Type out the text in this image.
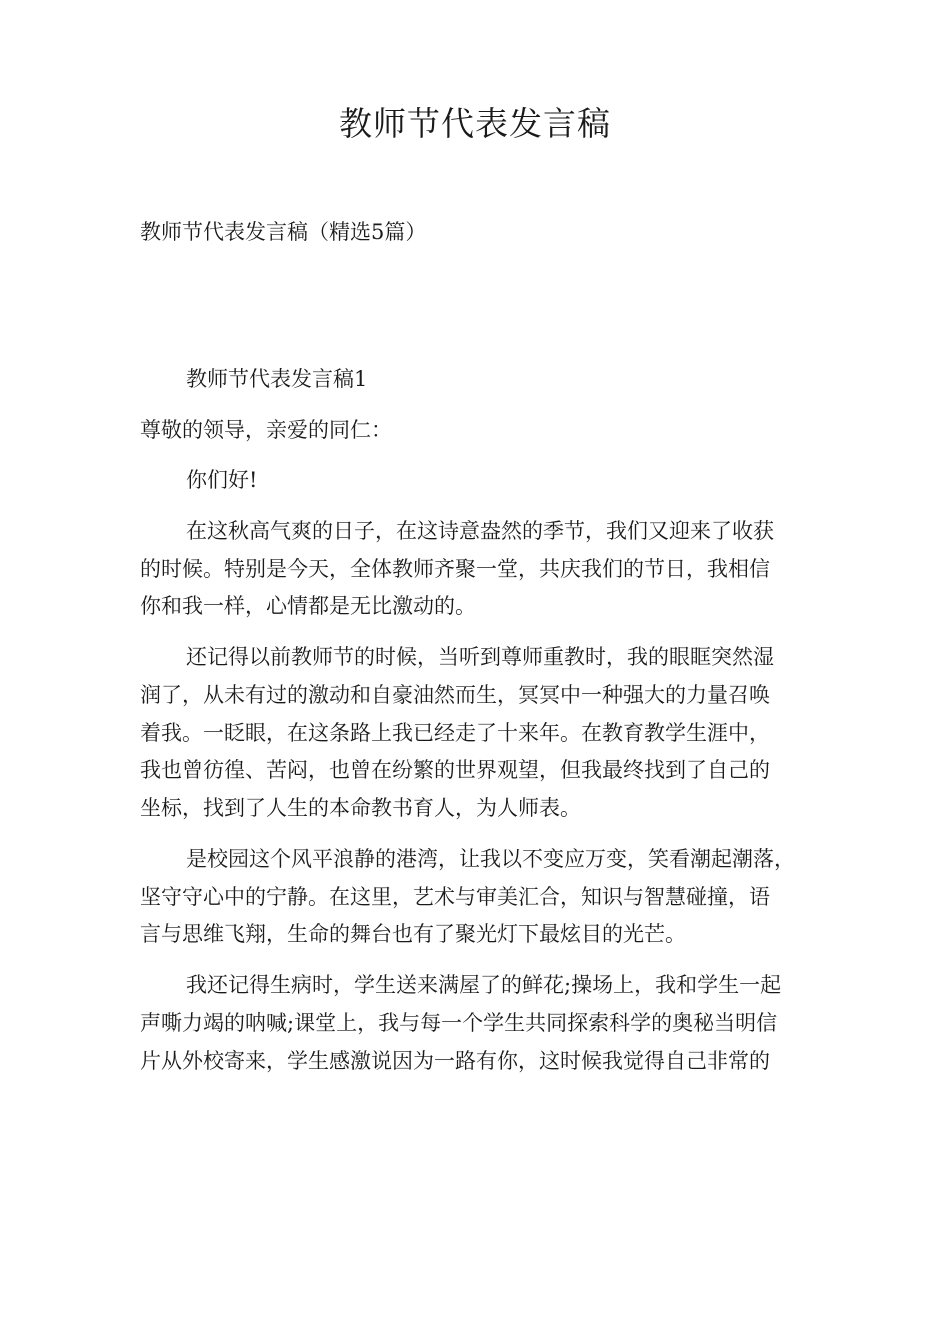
教师节代表发言稿
教师节代表发言稿（精选5篇）

教师节代表发言稿1

尊敬的领导，亲爱的同仁：

你们好!

在这秋高气爽的日子，在这诗意盎然的季节，我们又迎来了收获
的时候。特别是今天，全体教师齐聚一堂，共庆我们的节日，我相信
你和我一样，心情都是无比激动的。

还记得以前教师节的时候，当听到尊师重教时，我的眼眶突然湿
润了，从未有过的激动和自豪油然而生，冥冥中一种强大的力量召唤
着我。一眨眼，在这条路上我已经走了十来年。在教育教学生涯中，
我也曾彷徨、苦闷，也曾在纷繁的世界观望，但我最终找到了自己的
坐标，找到了人生的本命教书育人，为人师表。

是校园这个风平浪静的港湾，让我以不变应万变，笑看潮起潮落，
坚守守心中的宁静。在这里，艺术与审美汇合，知识与智慧碰撞，语
言与思维飞翔，生命的舞台也有了聚光灯下最炫目的光芒。

我还记得生病时，学生送来满屋了的鲜花;操场上，我和学生一起
声嘶力竭的呐喊;课堂上，我与每一个学生共同探索科学的奥秘当明信
片从外校寄来，学生感激说因为一路有你，这时候我觉得自己非常的
